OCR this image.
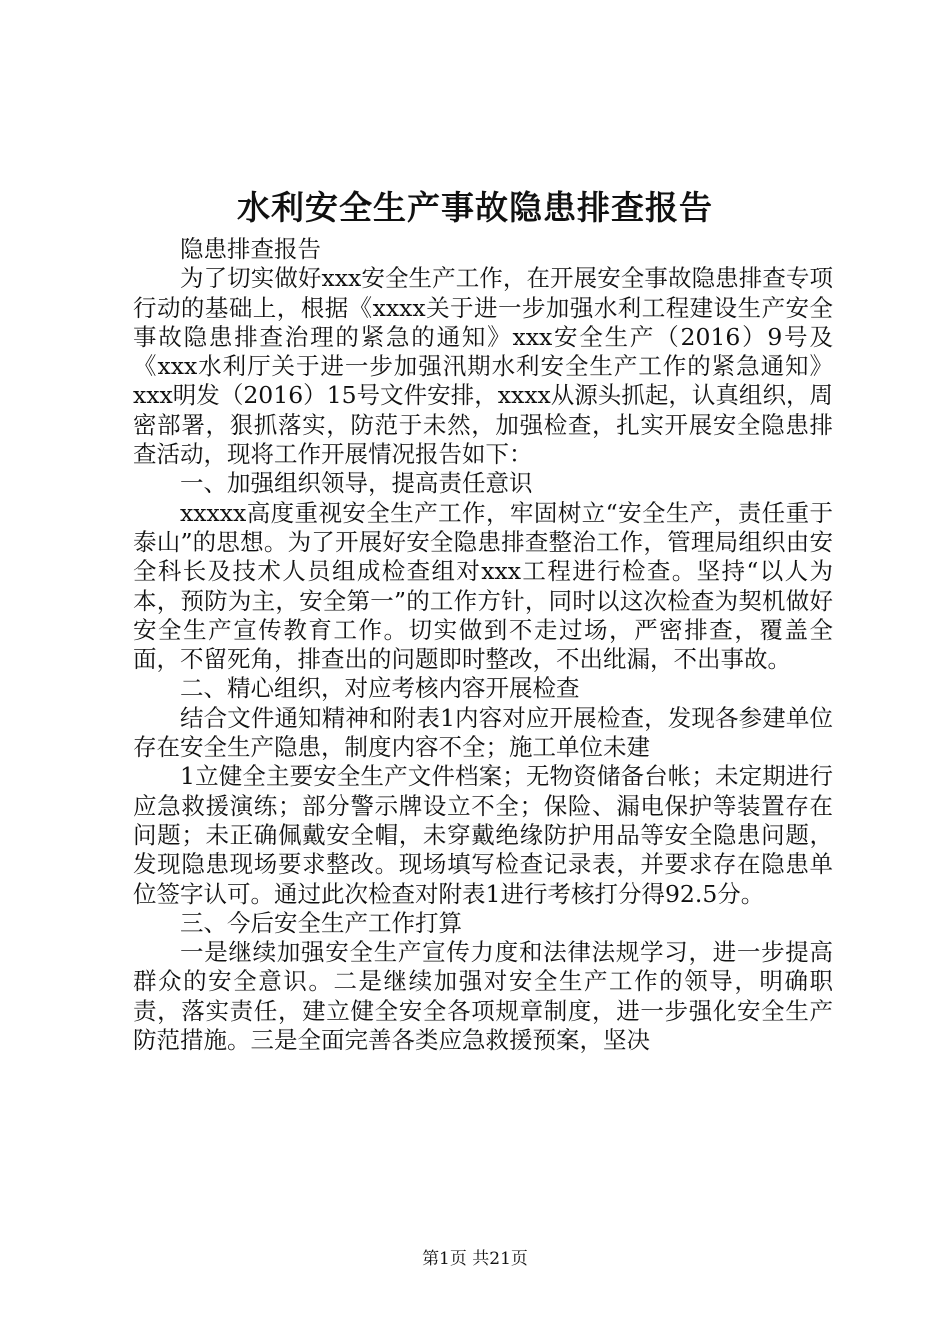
水利安全生产事故隐患排查报告

隐患排查报告

为了切实做好xxx安全生产工作，在开展安全事故隐患排查专项行动的基础上，根据《xxxx关于进一步加强水利工程建设生产安全事故隐患排查治理的紧急的通知》xxx安全生产（2016）9号及《xxx水利厅关于进一步加强汛期水利安全生产工作的紧急通知》xxx明发（2016）15号文件安排，xxxx从源头抓起，认真组织，周密部署，狠抓落实，防范于未然，加强检查，扎实开展安全隐患排查活动，现将工作开展情况报告如下：

一、加强组织领导，提高责任意识

xxxxx高度重视安全生产工作，牢固树立“安全生产，责任重于泰山”的思想。为了开展好安全隐患排查整治工作，管理局组织由安全科长及技术人员组成检查组对xxx工程进行检查。坚持“以人为本，预防为主，安全第一”的工作方针，同时以这次检查为契机做好安全生产宣传教育工作。切实做到不走过场，严密排查，覆盖全面，不留死角，排查出的问题即时整改，不出纰漏，不出事故。

二、精心组织，对应考核内容开展检查

结合文件通知精神和附表1内容对应开展检查，发现各参建单位存在安全生产隐患，制度内容不全；施工单位未建

1立健全主要安全生产文件档案；无物资储备台帐；未定期进行应急救援演练；部分警示牌设立不全；保险、漏电保护等装置存在问题；未正确佩戴安全帽，未穿戴绝缘防护用品等安全隐患问题，发现隐患现场要求整改。现场填写检查记录表，并要求存在隐患单位签字认可。通过此次检查对附表1进行考核打分得92.5分。

三、今后安全生产工作打算

一是继续加强安全生产宣传力度和法律法规学习，进一步提高群众的安全意识。二是继续加强对安全生产工作的领导，明确职责，落实责任，建立健全安全各项规章制度，进一步强化安全生产防范措施。三是全面完善各类应急救援预案，坚决

第1页 共21页
